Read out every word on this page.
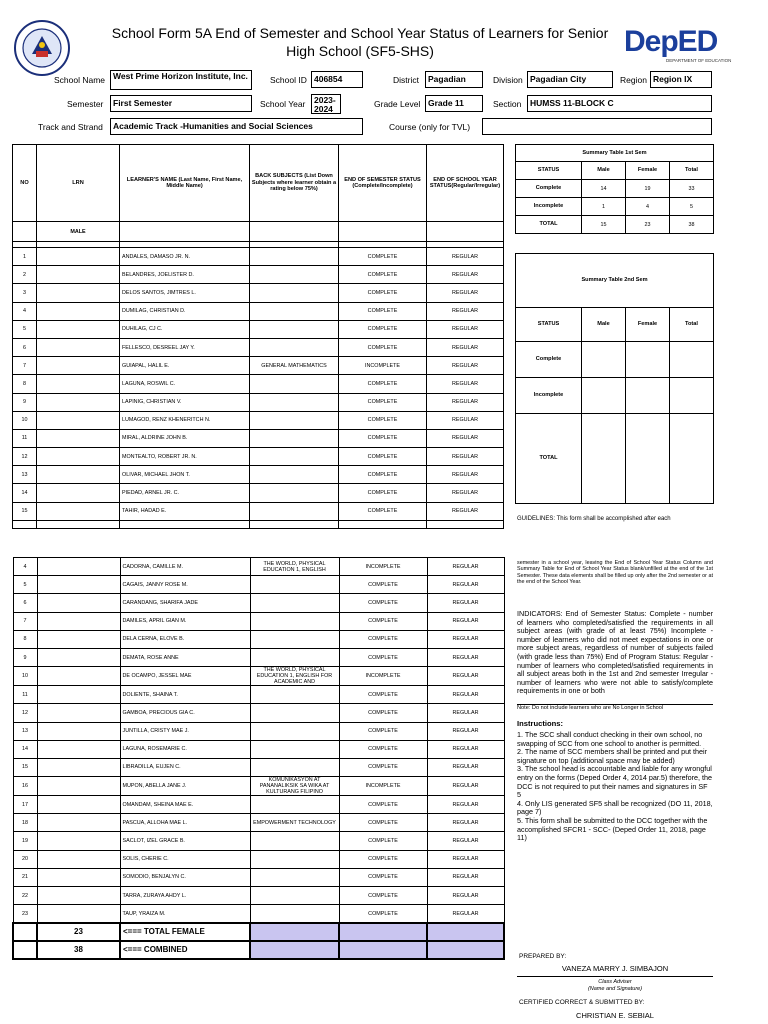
School Form 5A End of Semester and School Year Status of Learners for Senior High School (SF5-SHS)	DepED
DEPARTMENT OF EDUCATION
School Name West Prime Horizon Institute, Inc.	School ID 406854	District	Pagadian	Division Pagadian City	Region Region IX
Semester	First Semester	School Year	2023-2024	Grade Level Grade 11	Section	HUMSS 11-BLOCK C
Track and Strand	Academic Track -Humanities and Social Sciences	Course (only for TVL)
NO	LRN	LEARNER'S NAME (Last Name, First Name, Middle Name)	BACK SUBJECTS (List Down Subjects where learner obtain a rating below 75%)	END OF SEMESTER STATUS (Complete/Incomplete)	END OF SCHOOL YEAR STATUS(Regular/Irregular)
	MALE				

1		ANDALES, DAMASO JR. N.		COMPLETE	REGULAR
2		BELANDRES, JOELISTER D.		COMPLETE	REGULAR
3		DELOS SANTOS, JIMTRES L.		COMPLETE	REGULAR
4		DUMILAG, CHRISTIAN D.		COMPLETE	REGULAR
5		DUHILAG, CJ C.		COMPLETE	REGULAR
6		FELLESCO, DESREEL JAY Y.		COMPLETE	REGULAR
7		GUIAPAL, HALIL E.	GENERAL MATHEMATICS	INCOMPLETE	REGULAR
8		LAGUNA, ROSWIL C.		COMPLETE	REGULAR
9		LAPINIG, CHRISTIAN V.		COMPLETE	REGULAR
10		LUMAGOD, RENZ KHENERITCH N.		COMPLETE	REGULAR
11		MIRAL, ALDRINE JOHN B.		COMPLETE	REGULAR
12		MONTEALTO, ROBERT JR. N.		COMPLETE	REGULAR
13		OLIVAR, MICHAEL JHON T.		COMPLETE	REGULAR
14		PIEDAD, ARNEL JR. C.		COMPLETE	REGULAR
15		TAHIR, HADAD E.		COMPLETE	REGULAR

4		CADORNA, CAMILLE M.	THE WORLD, PHYSICAL EDUCATION 1, ENGLISH	INCOMPLETE	REGULAR
5		CAGAIS, JANNY ROSE M.		COMPLETE	REGULAR
6		CARANDANG, SHARIFA JADE		COMPLETE	REGULAR
7		DAMILES, APRIL GIAN M.		COMPLETE	REGULAR
8		DELA CERNA, ELOVE B.		COMPLETE	REGULAR
9		DEMATA, ROSE ANNE		COMPLETE	REGULAR
10		DE OCAMPO, JESSEL MAE	THE WORLD, PHYSICAL EDUCATION 1, ENGLISH FOR ACADEMIC AND	INCOMPLETE	REGULAR
11		DOLIENTE, SHAINA T.		COMPLETE	REGULAR
12		GAMBOA, PRECIOUS GIA C.		COMPLETE	REGULAR
13		JUNTILLA, CRISTY MAE J.		COMPLETE	REGULAR
14		LAGUNA, ROSEMARIE C.		COMPLETE	REGULAR
15		LIBRADILLA, EUJEN C.		COMPLETE	REGULAR
16		MUPON, ABELLA JANE J.	KOMUNIKASYON AT PANANALIKSIK SA WIKA AT KULTURANG FILIPINO	INCOMPLETE	REGULAR
17		OMANDAM, SHEINA MAE E.		COMPLETE	REGULAR
18		PASCUA, ALLOHA MAE L.	EMPOWERMENT TECHNOLOGY	COMPLETE	REGULAR
19		SACLOT, IZEL GRACE B.		COMPLETE	REGULAR
20		SOLIS, CHERIE C.		COMPLETE	REGULAR
21		SOMODIO, BENJALYN C.		COMPLETE	REGULAR
22		TARRA, ZURAYA AHDY L.		COMPLETE	REGULAR
23		TAUP, YRAIZA M.		COMPLETE	REGULAR
	23	<=== TOTAL FEMALE			
	38	<=== COMBINED			
Summary Table 1st Sem			
STATUS	Male	Female	Total
Complete	14	19	33
Incomplete	1	4	5
TOTAL	15	23	38
Summary Table 2nd Sem			
STATUS	Male	Female	Total
Complete			
Incomplete			
TOTAL			
GUIDELINES: This form shall be accomplished after each
semester in a school year, leaving the End of School Year Status Column and Summary Table for End of School Year Status blank/unfilled at the end of the 1st Semester. These data elements shall be filled up only after the 2nd semester or at the end of the School Year.
INDICATORS: End of Semester Status: Complete - number of learners who completed/satisfied the requirements in all subject areas (with grade of at least 75%) Incomplete - number of learners who did not meet expectations in one or more subject areas, regardless of number of subjects failed (with grade less than 75%) End of Program Status: Regular - number of learners who completed/satisfied requirements in all subject areas both in the 1st and 2nd semester Irregular - number of learners who were not able to satisfy/complete requirements in one or both
Note: Do not include learners who are No Longer in School
Instructions:
1. The SCC shall conduct checking in their own school, no swapping of SCC from one school to another is permitted.
2. The name of SCC members shall be printed and put their signature on top (additional space may be added)
3. The school head is accountable and liable for any wrongful entry on the forms (Deped Order 4, 2014 par.5) therefore, the DCC is not required to put their names and signatures in SF 5
4. Only LIS generated SF5 shall be recognized (DO 11, 2018, page 7)
5. This form shall be submitted to the DCC together with the accomplished SFCR1 - SCC- (Deped Order 11, 2018, page 11)
PREPARED BY:
VANEZA MARRY J. SIMBAJON
Class Adviser
(Name and Signature)
CERTIFIED CORRECT & SUBMITTED BY:
CHRISTIAN E. SEBIAL
